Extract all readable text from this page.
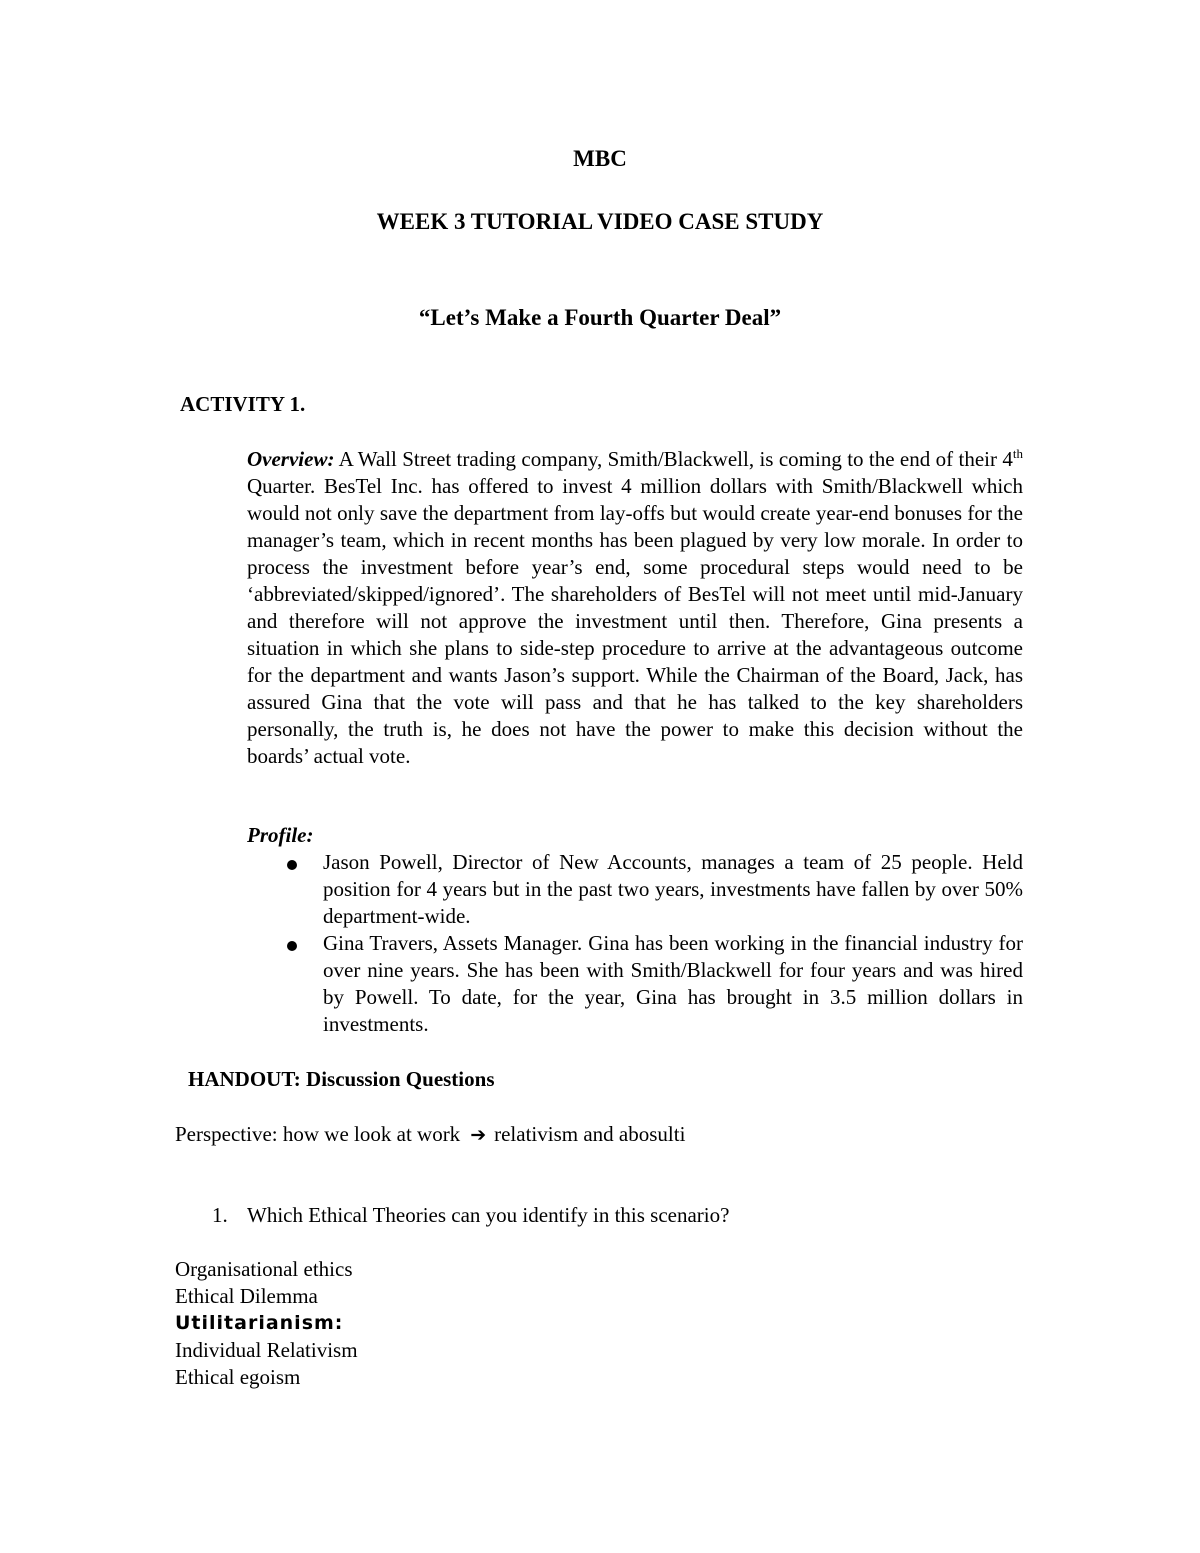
MBC
WEEK 3 TUTORIAL VIDEO CASE STUDY
“Let’s Make a Fourth Quarter Deal”
ACTIVITY 1.
Overview: A Wall Street trading company, Smith/Blackwell, is coming to the end of their 4th Quarter. BesTel Inc. has offered to invest 4 million dollars with Smith/Blackwell which would not only save the department from lay-offs but would create year-end bonuses for the manager’s team, which in recent months has been plagued by very low morale. In order to process the investment before year’s end, some procedural steps would need to be ‘abbreviated/skipped/ignored’. The shareholders of BesTel will not meet until mid-January and therefore will not approve the investment until then. Therefore, Gina presents a situation in which she plans to side-step procedure to arrive at the advantageous outcome for the department and wants Jason’s support. While the Chairman of the Board, Jack, has assured Gina that the vote will pass and that he has talked to the key shareholders personally, the truth is, he does not have the power to make this decision without the boards’ actual vote.
Profile:
Jason Powell, Director of New Accounts, manages a team of 25 people. Held position for 4 years but in the past two years, investments have fallen by over 50% department-wide.
Gina Travers, Assets Manager. Gina has been working in the financial industry for over nine years. She has been with Smith/Blackwell for four years and was hired by Powell. To date, for the year, Gina has brought in 3.5 million dollars in investments.
HANDOUT: Discussion Questions
Perspective: how we look at work ➔ relativism and abosulti
1. Which Ethical Theories can you identify in this scenario?
Organisational ethics
Ethical Dilemma
Utilitarianism:
Individual Relativism
Ethical egoism
